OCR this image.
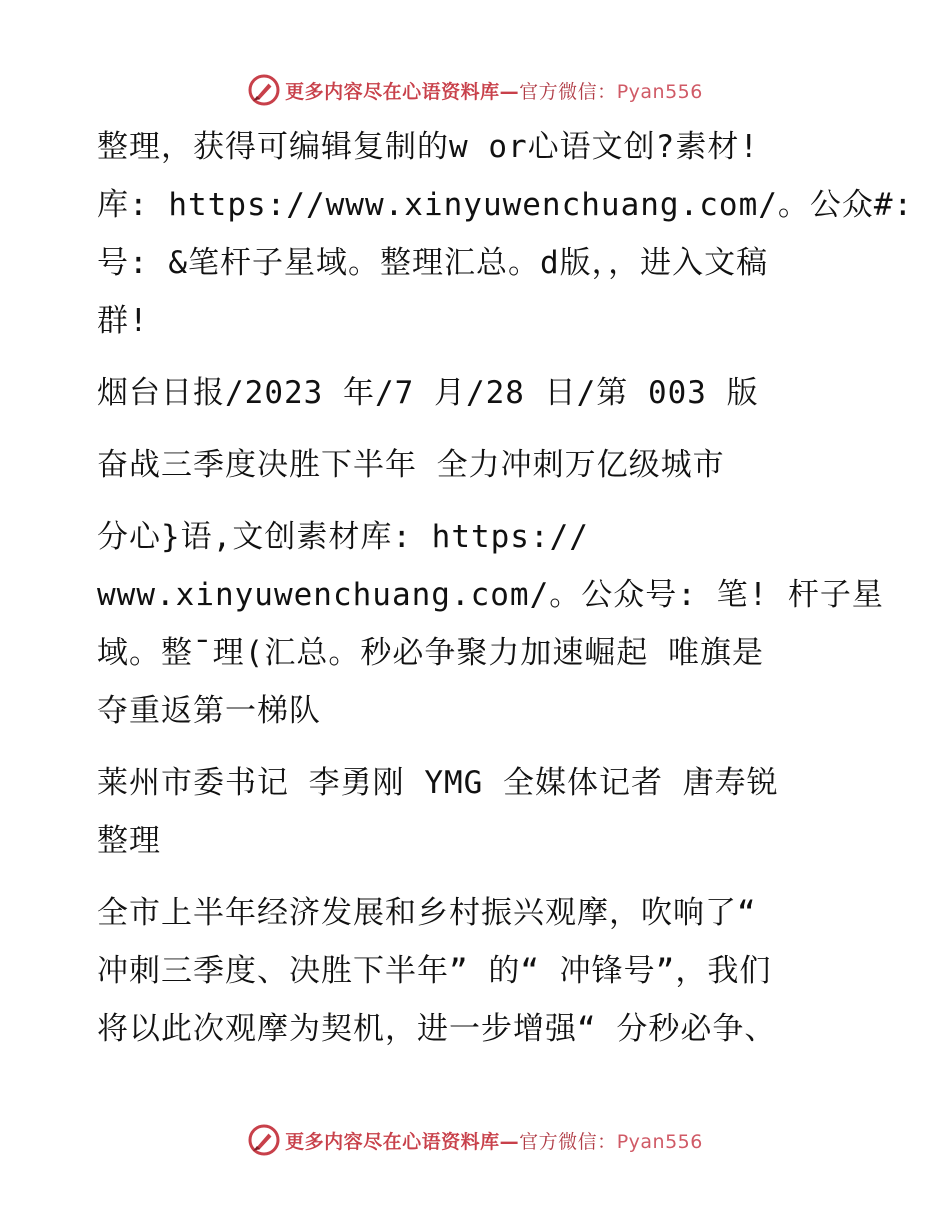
更多内容尽在心语资料库—官方微信：Pyan556

整理，获得可编辑复制的w or心语文创?素材!

库: https://www.xinyuwenchuang.com/。公众#:

号: &笔杆子星域。整理汇总。d版，，进入文稿

群!

烟台日报/2023 年/7 月/28 日/第 003 版

奋战三季度决胜下半年 全力冲刺万亿级城市

分心}语,文创素材库: https://

www.xinyuwenchuang.com/。公众号: 笔! 杆子星

域。整¯理(汇总。秒必争聚力加速崛起 唯旗是

夺重返第一梯队

莱州市委书记 李勇刚 YMG 全媒体记者 唐寿锐

整理

全市上半年经济发展和乡村振兴观摩，吹响了“

冲刺三季度、决胜下半年” 的“ 冲锋号”，我们

将以此次观摩为契机，进一步增强“ 分秒必争、

更多内容尽在心语资料库—官方微信：Pyan556
